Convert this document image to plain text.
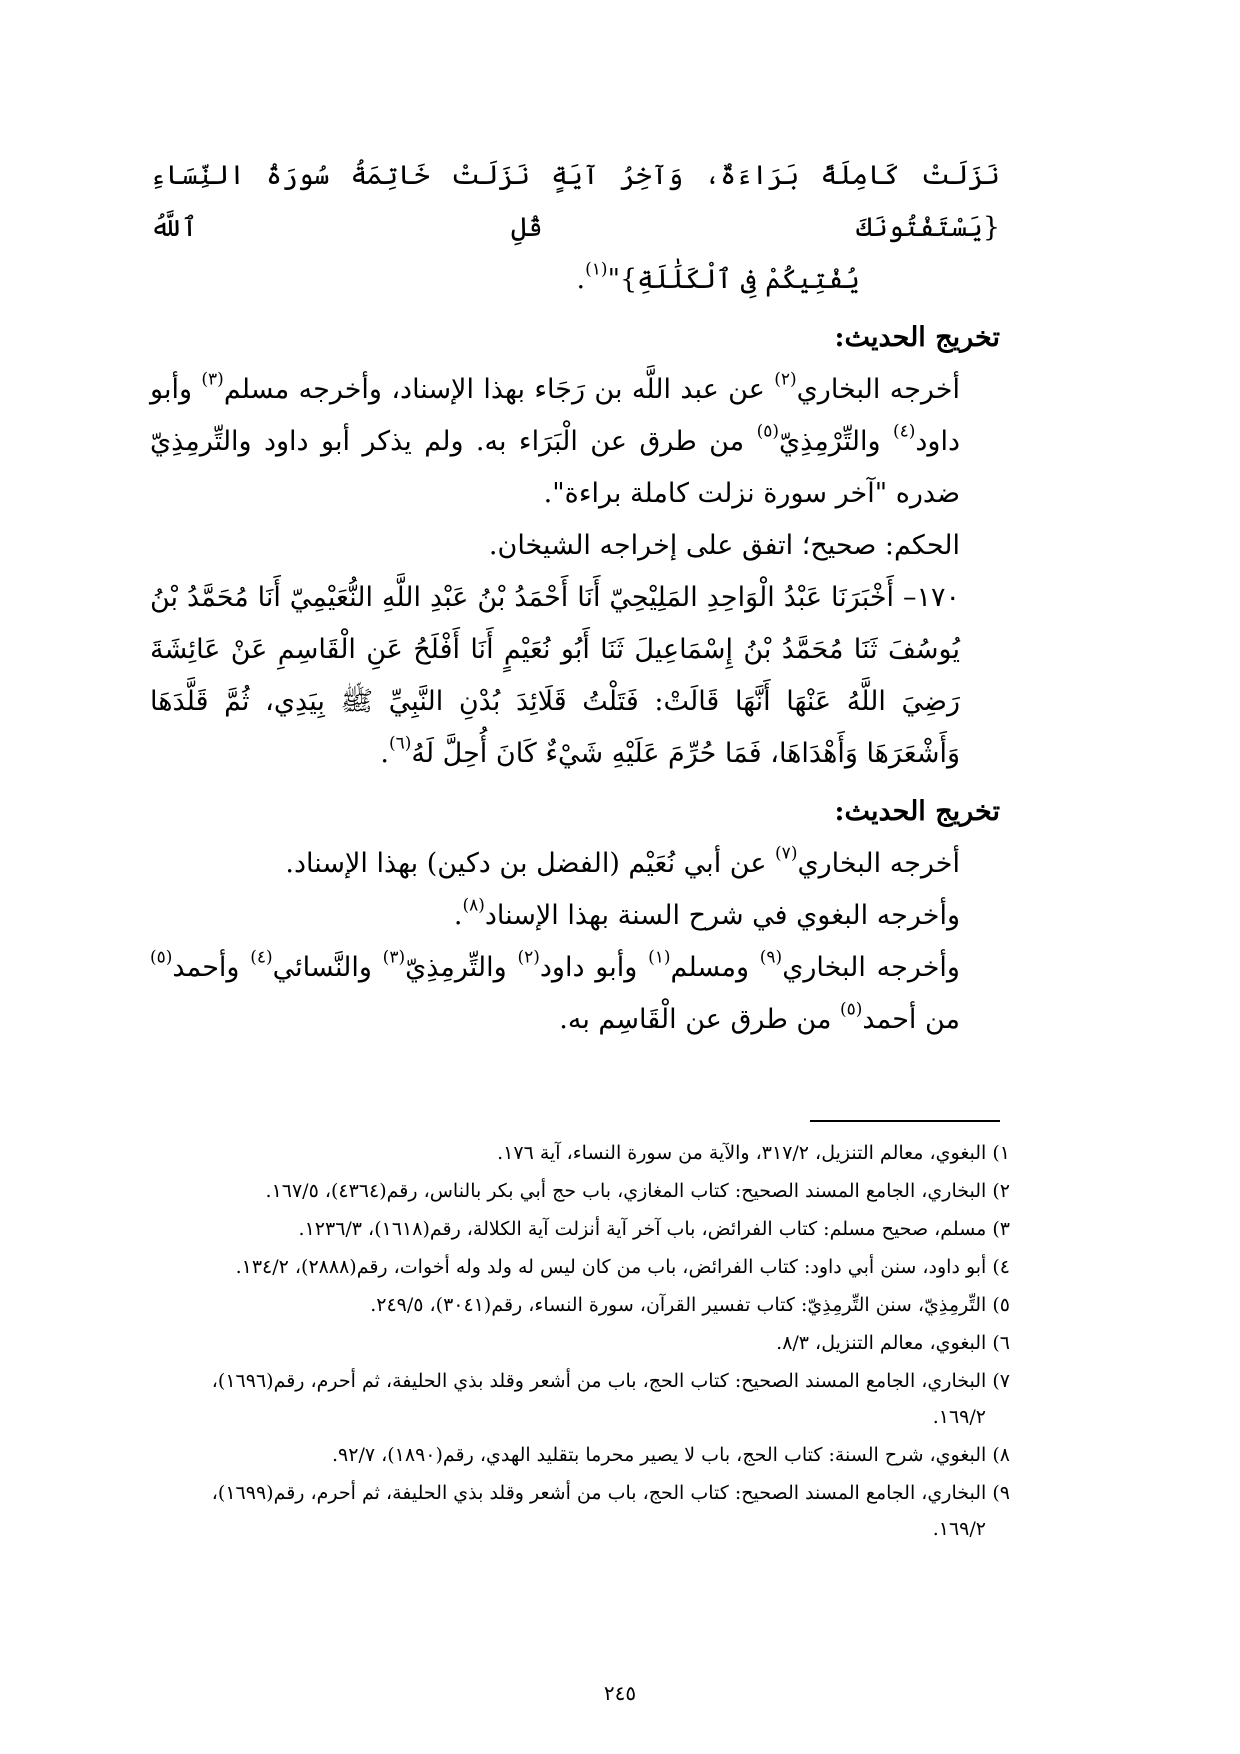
نَزَلَتْ كَامِلَةً بَرَاءَةٌ، وَآخِرُ آيَةٍ نَزَلَتْ خَاتِمَةُ سُورَةُ النِّسَاءِ {يَسْتَفْتُونَكَ قُلِ ٱللَّهُ

يُفْتِيكُمْ فِى ٱلْكَلَٰلَةِ}"$^{(١)}$.

تخريج الحديث:

أخرجه البخاري$^{(٢)}$ عن عبد اللَّه بن رَجَاء بهذا الإسناد، وأخرجه مسلم$^{(٣)}$ وأبو داود$^{(٤)}$ والتِّرْمِذِيّ$^{(٥)}$ من طرق عن الْبَرَاء به. ولم يذكر أبو داود والتِّرمِذِيّ ضدره "آخر سورة نزلت كاملة براءة".

الحكم: صحيح؛ اتفق على إخراجه الشيخان.

١٧٠– أَخْبَرَنَا عَبْدُ الْوَاحِدِ المَلِيْحِيّ أَنَا أَحْمَدُ بْنُ عَبْدِ اللَّهِ النُّعَيْمِيّ أَنَا مُحَمَّدُ بْنُ يُوسُفَ ثَنَا مُحَمَّدُ بْنُ إِسْمَاعِيلَ ثَنَا أَبُو نُعَيْمٍ أَنَا أَفْلَحُ عَنِ الْقَاسِمِ عَنْ عَائِشَةَ رَضِيَ اللَّهُ عَنْهَا أَنَّهَا قَالَتْ: فَتَلْتُ قَلَائِدَ بُدْنِ النَّبِيِّ ﷺ بِيَدِي، ثُمَّ قَلَّدَهَا وَأَشْعَرَهَا وَأَهْدَاهَا، فَمَا حُرِّمَ عَلَيْهِ شَيْءٌ كَانَ أُحِلَّ لَهُ$^{(٦)}$.

تخريج الحديث:

أخرجه البخاري$^{(٧)}$ عن أبي نُعَيْم (الفضل بن دكين) بهذا الإسناد.

وأخرجه البغوي في شرح السنة بهذا الإسناد$^{(٨)}$.

وأخرجه البخاري$^{(٩)}$ ومسلم$^{(١)}$ وأبو داود$^{(٢)}$ والتِّرمِذِيّ$^{(٣)}$ والنَّسائي$^{(٤)}$ وأحمد$^{(٥)}$ من أحمد$^{(٥)}$ من طرق عن الْقَاسِم به.

١) البغوي، معالم التنزيل، ٣١٧/٢، والآية من سورة النساء، آية ١٧٦.

٢) البخاري، الجامع المسند الصحيح: كتاب المغازي، باب حج أبي بكر بالناس، رقم(٤٣٦٤)، ١٦٧/٥.

٣) مسلم، صحيح مسلم: كتاب الفرائض، باب آخر آية أنزلت آية الكلالة، رقم(١٦١٨)، ١٢٣٦/٣.

٤) أبو داود، سنن أبي داود: كتاب الفرائض، باب من كان ليس له ولد وله أخوات، رقم(٢٨٨٨)، ١٣٤/٢.

٥) التِّرمِذِيّ، سنن التِّرمِذِيّ: كتاب تفسير القرآن، سورة النساء، رقم(٣٠٤١)، ٢٤٩/٥.

٦) البغوي، معالم التنزيل، ٨/٣.

٧) البخاري، الجامع المسند الصحيح: كتاب الحج، باب من أشعر وقلد بذي الحليفة، ثم أحرم، رقم(١٦٩٦)،
١٦٩/٢.

٨) البغوي، شرح السنة: كتاب الحج، باب لا يصير محرما بتقليد الهدي، رقم(١٨٩٠)، ٩٢/٧.

٩) البخاري، الجامع المسند الصحيح: كتاب الحج، باب من أشعر وقلد بذي الحليفة، ثم أحرم، رقم(١٦٩٩)،
١٦٩/٢.

٢٤٥
